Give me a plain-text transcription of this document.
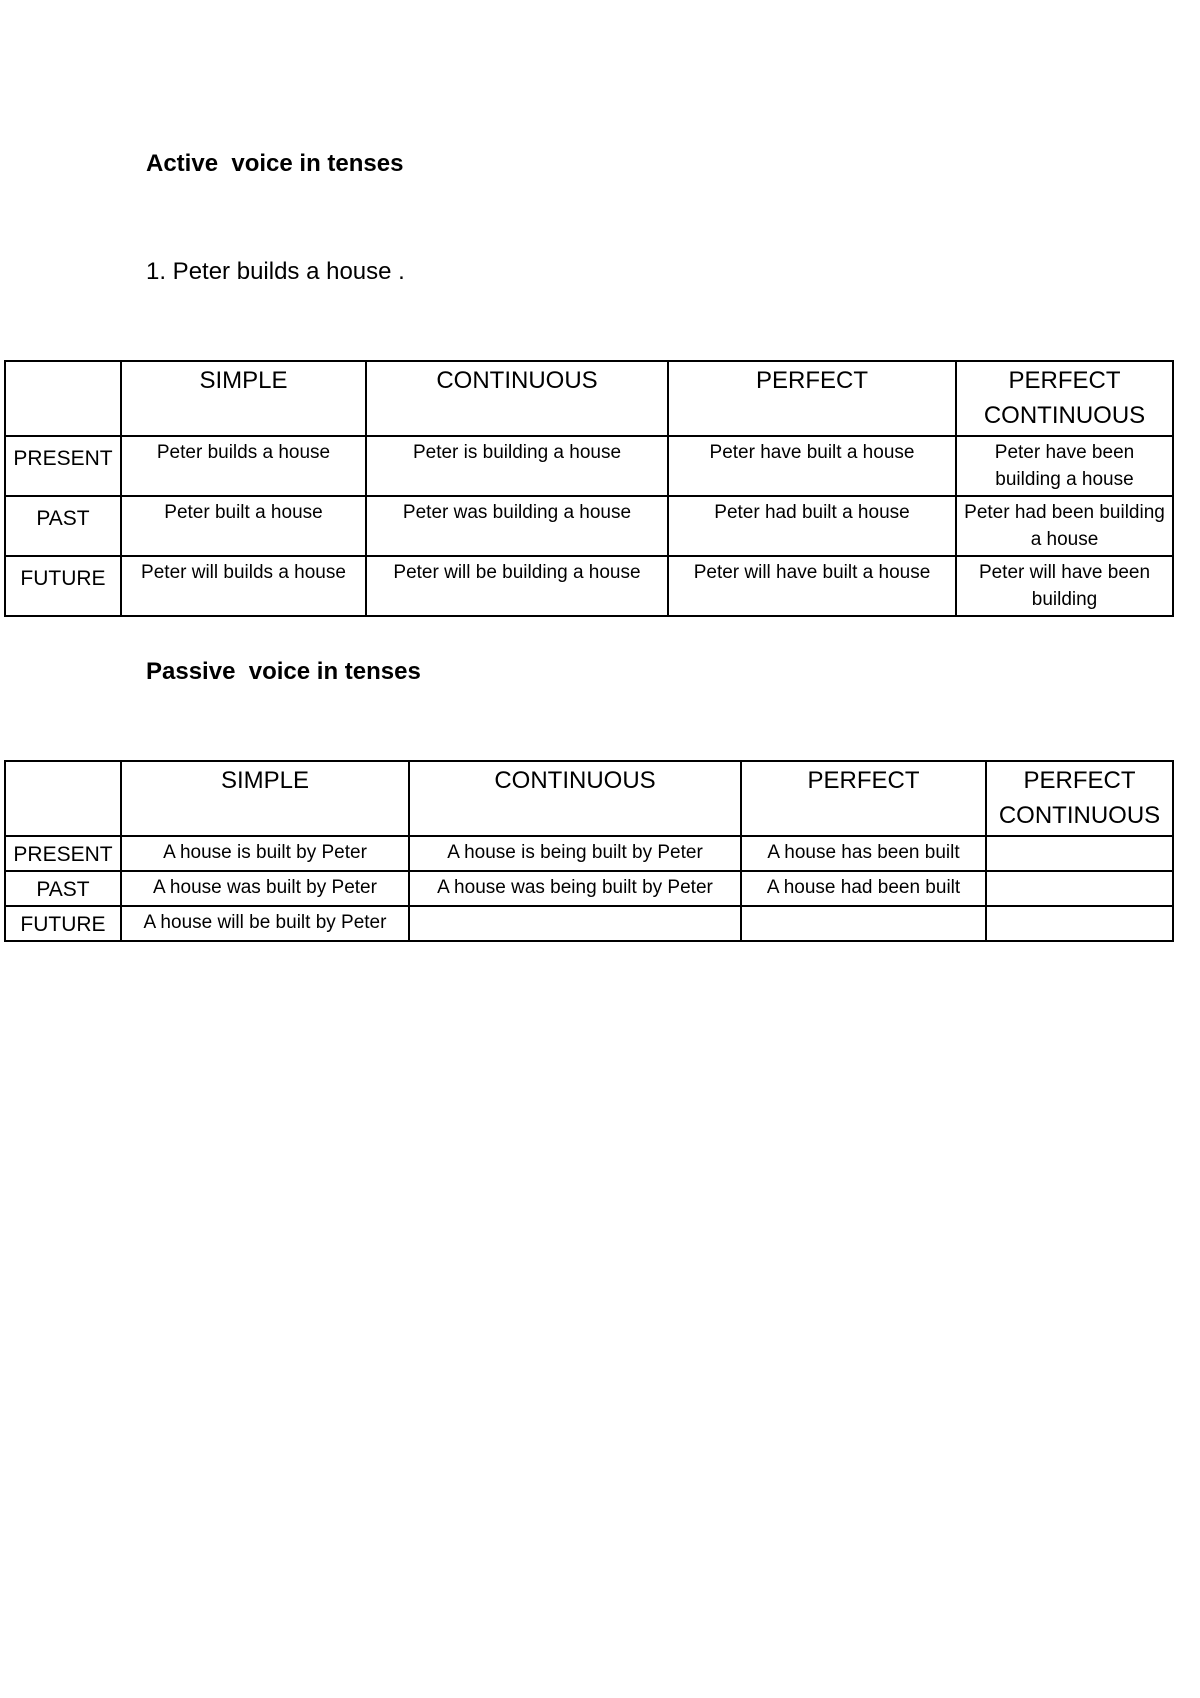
Active  voice in tenses

1. Peter builds a house .

	SIMPLE	CONTINUOUS	PERFECT	PERFECT CONTINUOUS
PRESENT	Peter builds a house	Peter is building a house	Peter have built a house	Peter have been building a house
PAST	Peter built a house	Peter was building a house	Peter had built a house	Peter had been building a house
FUTURE	Peter will builds a house	Peter will be building a house	Peter will have built a house	Peter will have been building

Passive  voice in tenses

	SIMPLE	CONTINUOUS	PERFECT	PERFECT CONTINUOUS
PRESENT	A house is built by Peter	A house is being built by Peter	A house has been built	
PAST	A house was built by Peter	A house was being built by Peter	A house had been built	
FUTURE	A house will be built by Peter			
